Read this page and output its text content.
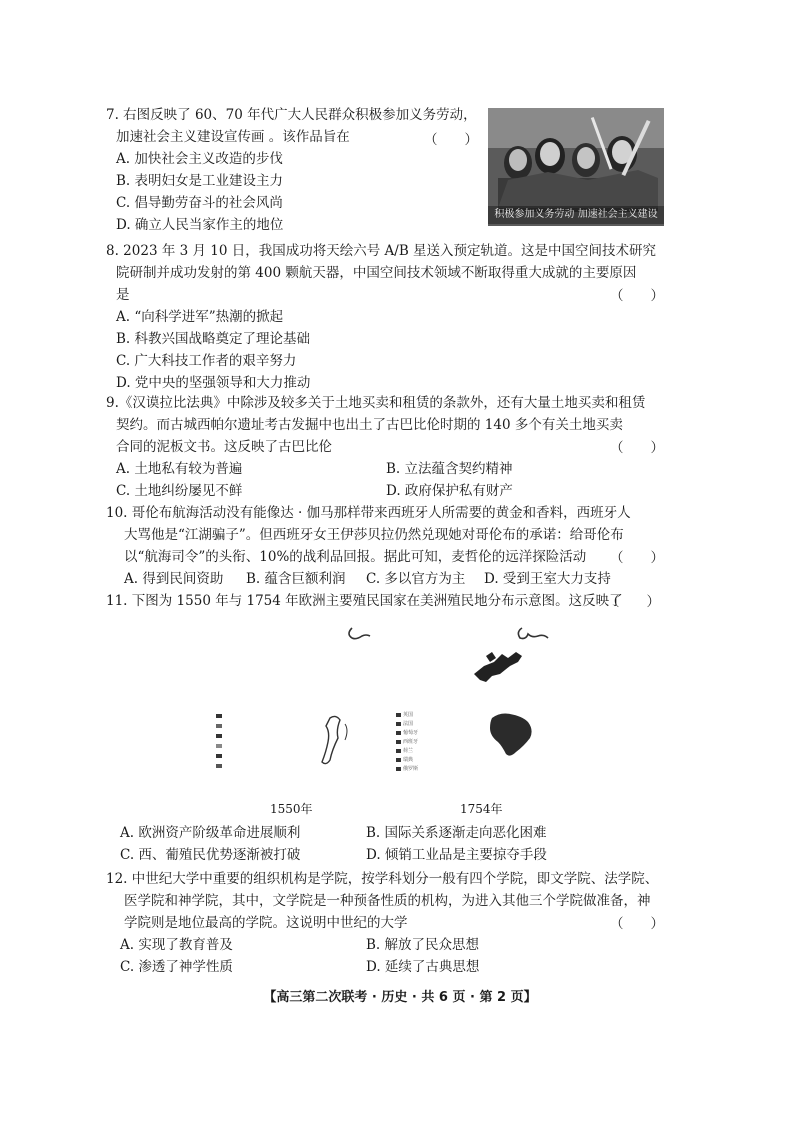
7. 右图反映了 60、70 年代广大人民群众积极参加义务劳动，
加速社会主义建设宣传画 。该作品旨在
A. 加快社会主义改造的步伐
B. 表明妇女是工业建设主力
C. 倡导勤劳奋斗的社会风尚
D. 确立人民当家作主的地位
（　　）
积极参加义务劳动 加速社会主义建设
8. 2023 年 3 月 10 日，我国成功将天绘六号 A/B 星送入预定轨道。这是中国空间技术研究
院研制并成功发射的第 400 颗航天器，中国空间技术领域不断取得重大成就的主要原因
是
A. “向科学进军”热潮的掀起
B. 科教兴国战略奠定了理论基础
C. 广大科技工作者的艰辛努力
D. 党中央的坚强领导和大力推动
（　　）
9.《汉谟拉比法典》中除涉及较多关于土地买卖和租赁的条款外，还有大量土地买卖和租赁
契约。而古城西帕尔遗址考古发掘中也出土了古巴比伦时期的 140 多个有关土地买卖
合同的泥板文书。这反映了古巴比伦
A. 土地私有较为普遍	B. 立法蕴含契约精神
C. 土地纠纷屡见不鲜	D. 政府保护私有财产
（　　）
10. 哥伦布航海活动没有能像达 · 伽马那样带来西班牙人所需要的黄金和香料，西班牙人
大骂他是“江湖骗子”。但西班牙女王伊莎贝拉仍然兑现她对哥伦布的承诺：给哥伦布
以“航海司令”的头衔、10%的战利品回报。据此可知，麦哲伦的远洋探险活动
A. 得到民间资助 B. 蕴含巨额利润 C. 多以官方为主 D. 受到王室大力支持
（　　）
11. 下图为 1550 年与 1754 年欧洲主要殖民国家在美洲殖民地分布示意图。这反映了
（　　）
英国
法国
葡萄牙
西班牙
荷兰
瑞典
俄罗斯
1550年	1754年
A. 欧洲资产阶级革命进展顺利	B. 国际关系逐渐走向恶化困难
C. 西、葡殖民优势逐渐被打破	D. 倾销工业品是主要掠夺手段
12. 中世纪大学中重要的组织机构是学院，按学科划分一般有四个学院，即文学院、法学院、
医学院和神学院，其中，文学院是一种预备性质的机构，为进入其他三个学院做准备，神
学院则是地位最高的学院。这说明中世纪的大学
A. 实现了教育普及	B. 解放了民众思想
C. 渗透了神学性质	D. 延续了古典思想
（　　）
【高三第二次联考 · 历史 · 共 6 页 · 第 2 页】
